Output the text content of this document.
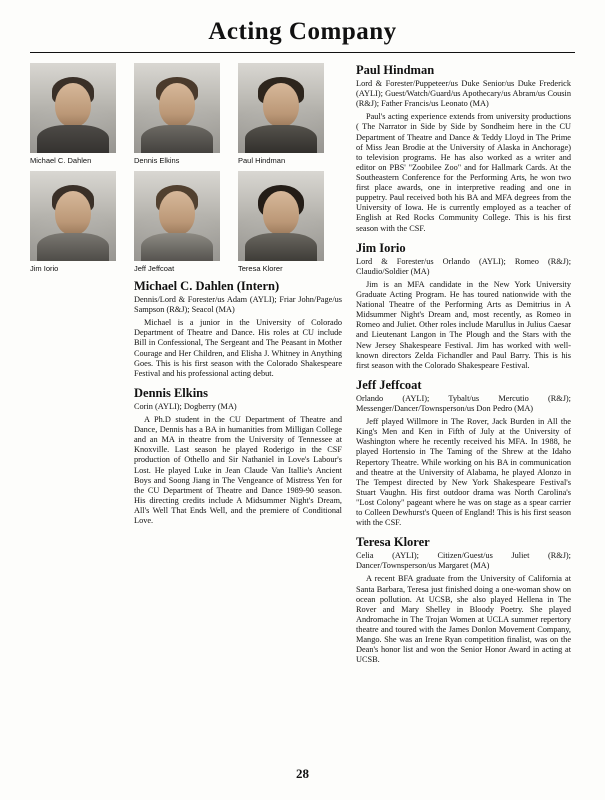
Acting Company
Michael C. Dahlen	Dennis Elkins	Paul Hindman
Jim Iorio	Jeff Jeffcoat	Teresa Klorer
Michael C. Dahlen (Intern)

Dennis/Lord & Forester/us Adam (AYLI); Friar John/Page/us Sampson (R&J); Seacol (MA)

Michael is a junior in the University of Colorado Department of Theatre and Dance. His roles at CU include Bill in Confessional, The Sergeant and The Peasant in Mother Courage and Her Children, and Elisha J. Whitney in Anything Goes. This is his first season with the Colorado Shakespeare Festival and his professional acting debut.

Dennis Elkins

Corin (AYLI); Dogberry (MA)

A Ph.D student in the CU Department of Theatre and Dance, Dennis has a BA in humanities from Milligan College and an MA in theatre from the University of Tennessee at Knoxville. Last season he played Roderigo in the CSF production of Othello and Sir Nathaniel in Love's Labour's Lost. He played Luke in Jean Claude Van Itallie's Ancient Boys and Soong Jiang in The Vengeance of Mistress Yen for the CU Department of Theatre and Dance 1989-90 season. His directing credits include A Midsummer Night's Dream, All's Well That Ends Well, and the premiere of Conditional Love.

Paul Hindman

Lord & Forester/Puppeteer/us Duke Senior/us Duke Frederick (AYLI); Guest/Watch/Guard/us Apothecary/us Abram/us Cousin (R&J); Father Francis/us Leonato (MA)

Paul's acting experience extends from university productions ( The Narrator in Side by Side by Sondheim here in the CU Department of Theatre and Dance & Teddy Lloyd in The Prime of Miss Jean Brodie at the University of Alaska in Anchorage) to television programs. He has also worked as a writer and editor on PBS' "Zoobilee Zoo" and for Hallmark Cards. At the Southeastern Conference for the Performing Arts, he won two first place awards, one in interpretive reading and one in puppetry. Paul received both his BA and MFA degrees from the University of Iowa. He is currently employed as a teacher of English at Red Rocks Community College. This is his first season with the CSF.

Jim Iorio

Lord & Forester/us Orlando (AYLI); Romeo (R&J); Claudio/Soldier (MA)

Jim is an MFA candidate in the New York University Graduate Acting Program. He has toured nationwide with the National Theatre of the Performing Arts as Demitrius in A Midsummer Night's Dream and, most recently, as Romeo in Romeo and Juliet. Other roles include Marullus in Julius Caesar and Lieutenant Langon in The Plough and the Stars with the New Jersey Shakespeare Festival. Jim has worked with well-known directors Zelda Fichandler and Paul Barry. This is his first season with the Colorado Shakespeare Festival.

Jeff Jeffcoat

Orlando (AYLI); Tybalt/us Mercutio (R&J); Messenger/Dancer/Townsperson/us Don Pedro (MA)

Jeff played Willmore in The Rover, Jack Burden in All the King's Men and Ken in Fifth of July at the University of Washington where he recently received his MFA. In 1988, he played Hortensio in The Taming of the Shrew at the Idaho Repertory Theatre. While working on his BA in communication and theatre at the University of Alabama, he played Alonzo in The Tempest directed by New York Shakespeare Festival's Stuart Vaughn. His first outdoor drama was North Carolina's "Lost Colony" pageant where he was on stage as a spear carrier to Colleen Dewhurst's Queen of England! This is his first season with the CSF.

Teresa Klorer

Celia (AYLI); Citizen/Guest/us Juliet (R&J); Dancer/Townsperson/us Margaret (MA)

A recent BFA graduate from the University of California at Santa Barbara, Teresa just finished doing a one-woman show on ocean pollution. At UCSB, she also played Hellena in The Rover and Mary Shelley in Bloody Poetry. She played Andromache in The Trojan Women at UCLA summer repertory theatre and toured with the James Donlon Movement Company, Mango. She was an Irene Ryan competition finalist, was on the Dean's honor list and won the Senior Honor Award in acting at UCSB.

28
